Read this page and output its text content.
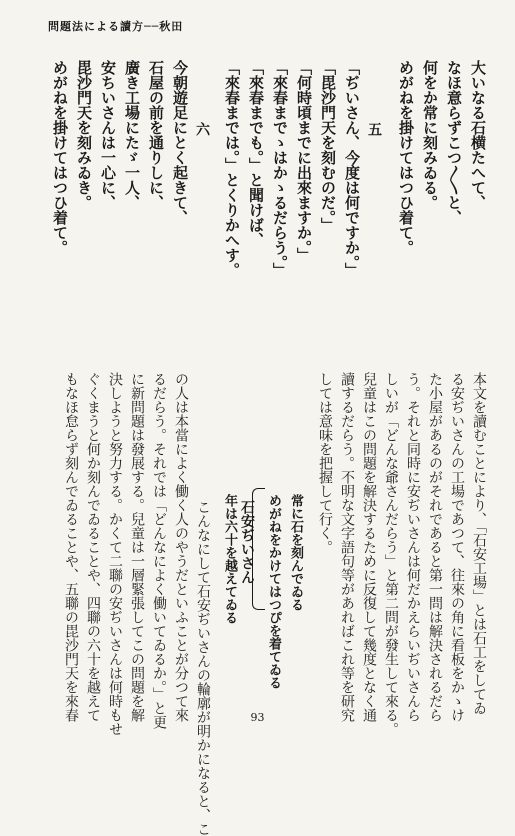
問題法による讀方──秋田
大いなる石横たへて、
なほ意らずこつ〳〵と、
何をか常に刻みゐる。
めがねを掛けてはつひ着て。
五
「ぢいさん、今度は何ですか。」
「毘沙門天を刻むのだ。」
「何時頃までに出來ますか。」
「來春までゝはかゝるだらう。」
「來春までも。」と聞けば、
「來春までは。」とくりかへす。
六
今朝遊足にとく起きて、
石屋の前を通りしに、
廣き工場にたゞ一人、
安ちいさんは一心に、
毘沙門天を刻みゐき。
めがねを掛けてはつひ着て。
本文を讀むことにより、「石安工場」とは石工をしてゐ
る安ぢいさんの工場であつて、往來の角に看板をかゝけ
た小屋があるのがそれであると第一問は解決されるだら
う。それと同時に安ぢいさんは何だかえらいぢいさんら
しいが「どんな爺さんだらう」と第二問が發生して來る。
兒童はこの問題を解決するために反復して幾度となく通
讀するだらう。不明な文字語句等があればこれ等を研究
しては意味を把握して行く。
石安ぢいさん	常に石を刻んでゐる
めがねをかけてはつぴを着てゐる
年は六十を越えてゐる
こんなにして石安ぢいさんの輪廓が明かになると、こ
の人は本當によく働く人のやうだといふことが分つて來
るだらう。それでは「どんなによく働いてゐるか。」と更
に新問題は發展する。兒童は一層緊張してこの問題を解
決しようと努力する。かくて二聯の安ぢいさんは何時もせ
ぐくまうと何か刻んでゐることや、四聯の六十を越えて
もなほ怠らず刻んでゐることや、五聯の毘沙門天を來春	93
